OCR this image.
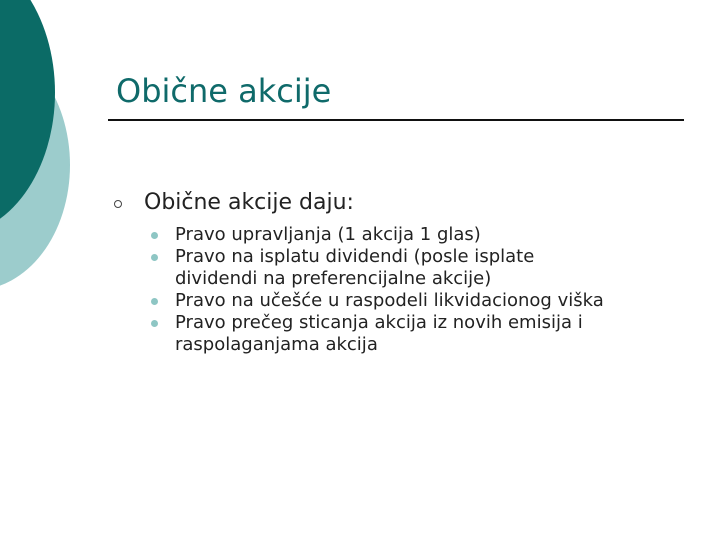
Obične akcije
Obične akcije daju:
Pravo upravljanja (1 akcija 1 glas)
Pravo na isplatu dividendi (posle isplate
dividendi na preferencijalne akcije)
Pravo na učešće u raspodeli likvidacionog viška
Pravo prečeg sticanja akcija iz novih emisija i
raspolaganjama akcija
